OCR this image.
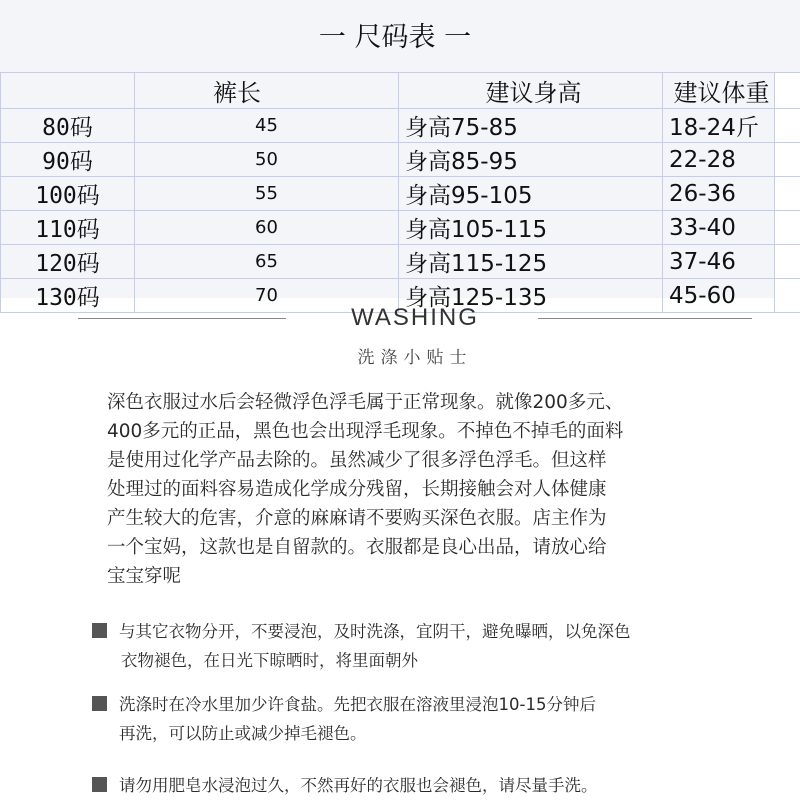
一 尺码表 一
	裤长	建议身高	建议体重	
80码	45	身高75-85	18-24斤	
90码	50	身高85-95	22-28	
100码	55	身高95-105	26-36	
110码	60	身高105-115	33-40	
120码	65	身高115-125	37-46	
130码	70	身高125-135	45-60	
WASHING
洗涤小贴士
深色衣服过水后会轻微浮色浮毛属于正常现象。就像200多元、
400多元的正品，黑色也会出现浮毛现象。不掉色不掉毛的面料
是使用过化学产品去除的。虽然减少了很多浮色浮毛。但这样
处理过的面料容易造成化学成分残留，长期接触会对人体健康
产生较大的危害，介意的麻麻请不要购买深色衣服。店主作为
一个宝妈，这款也是自留款的。衣服都是良心出品，请放心给
宝宝穿呢
与其它衣物分开，不要浸泡，及时洗涤，宜阴干，避免曝晒，以免深色
衣物褪色，在日光下晾晒时，将里面朝外
洗涤时在冷水里加少许食盐。先把衣服在溶液里浸泡10-15分钟后
再洗，可以防止或减少掉毛褪色。
请勿用肥皂水浸泡过久，不然再好的衣服也会褪色，请尽量手洗。
